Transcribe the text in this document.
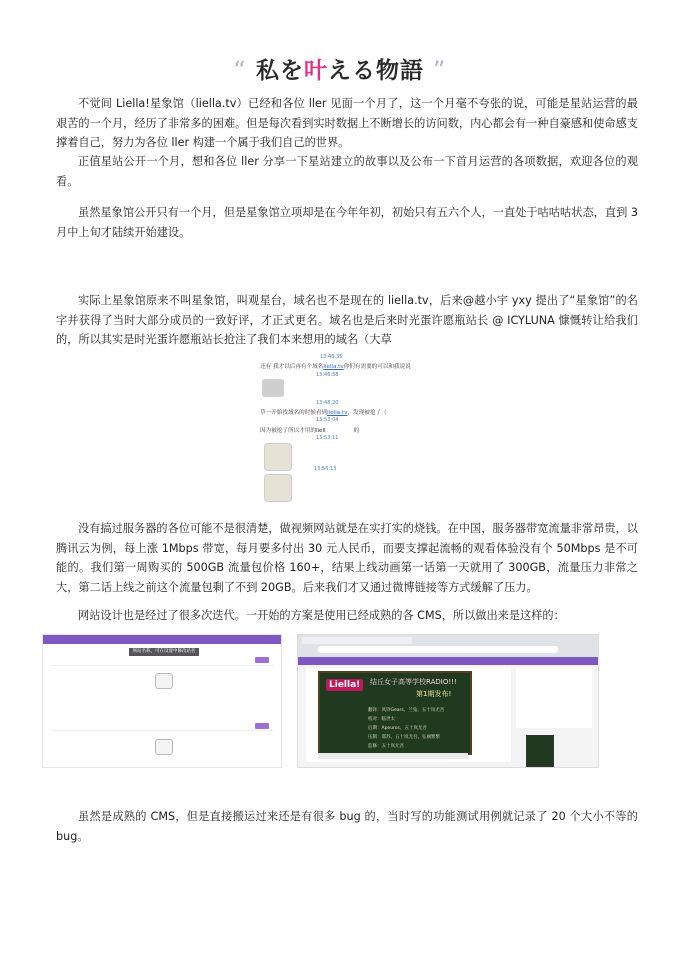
“ 私を叶える物語 ”

不觉间 Liella!星象馆（liella.tv）已经和各位 ller 见面一个月了，这一个月毫不夸张的说，可能是星站运营的最艰苦的一个月，经历了非常多的困难。但是每次看到实时数据上不断增长的访问数，内心都会有一种自豪感和使命感支撑着自己，努力为各位 ller 构建一个属于我们自己的世界。

正值星站公开一个月，想和各位 ller 分享一下星站建立的故事以及公布一下首月运营的各项数据，欢迎各位的观看。

虽然星象馆公开只有一个月，但是星象馆立项却是在今年年初，初始只有五六个人，一直处于咕咕咕状态，直到 3 月中上旬才陆续开始建设。

实际上星象馆原来不叫星象馆，叫观星台，域名也不是现在的 liella.tv，后来@越小宇 yxy 提出了“星象馆”的名字并获得了当时大部分成员的一致好评，才正式更名。域名也是后来时光蛋许愿瓶站长 @ ICYLUNA 慷慨转让给我们的，所以其实是时光蛋许愿瓶站长抢注了我们本来想用的域名（大草

13:46:35
还有 我才以后再有个域名liella.tv你们有需要的可以和我说说
13:46:58
13:48:20
草一开始找域名的时候看到liella.tv，发现被抢了（
13:53:04
因为被抢了所以才用的liell	的
13:53:11
13:56:13

没有搞过服务器的各位可能不是很清楚，做视频网站就是在实打实的烧钱。在中国，服务器带宽流量非常昂贵，以腾讯云为例，每上涨 1Mbps 带宽，每月要多付出 30 元人民币，而要支撑起流畅的观看体验没有个 50Mbps 是不可能的。我们第一周购买的 500GB 流量包价格 160+，结果上线动画第一话第一天就用了 300GB，流量压力非常之大，第二话上线之前这个流量包剩了不到 20GB。后来我们才又通过微博链接等方式缓解了压力。

网站设计也是经过了很多次迭代。一开始的方案是使用已经成熟的各 CMS，所以做出来是这样的：

网站名称，可在设置中修改站名
Liella!	结丘女子高等学校RADIO!!!
第1期发布!
翻译：风铃Gears、兰兔、五十岚尤吾
校对：临世太
后期：Apeuros、五十岚尤吾
压制：耶苏、五十岚尤吾、弘丽繁繁
监修：五十岚尤吾

虽然是成熟的 CMS，但是直接搬运过来还是有很多 bug 的，当时写的功能测试用例就记录了 20 个大小不等的 bug。
